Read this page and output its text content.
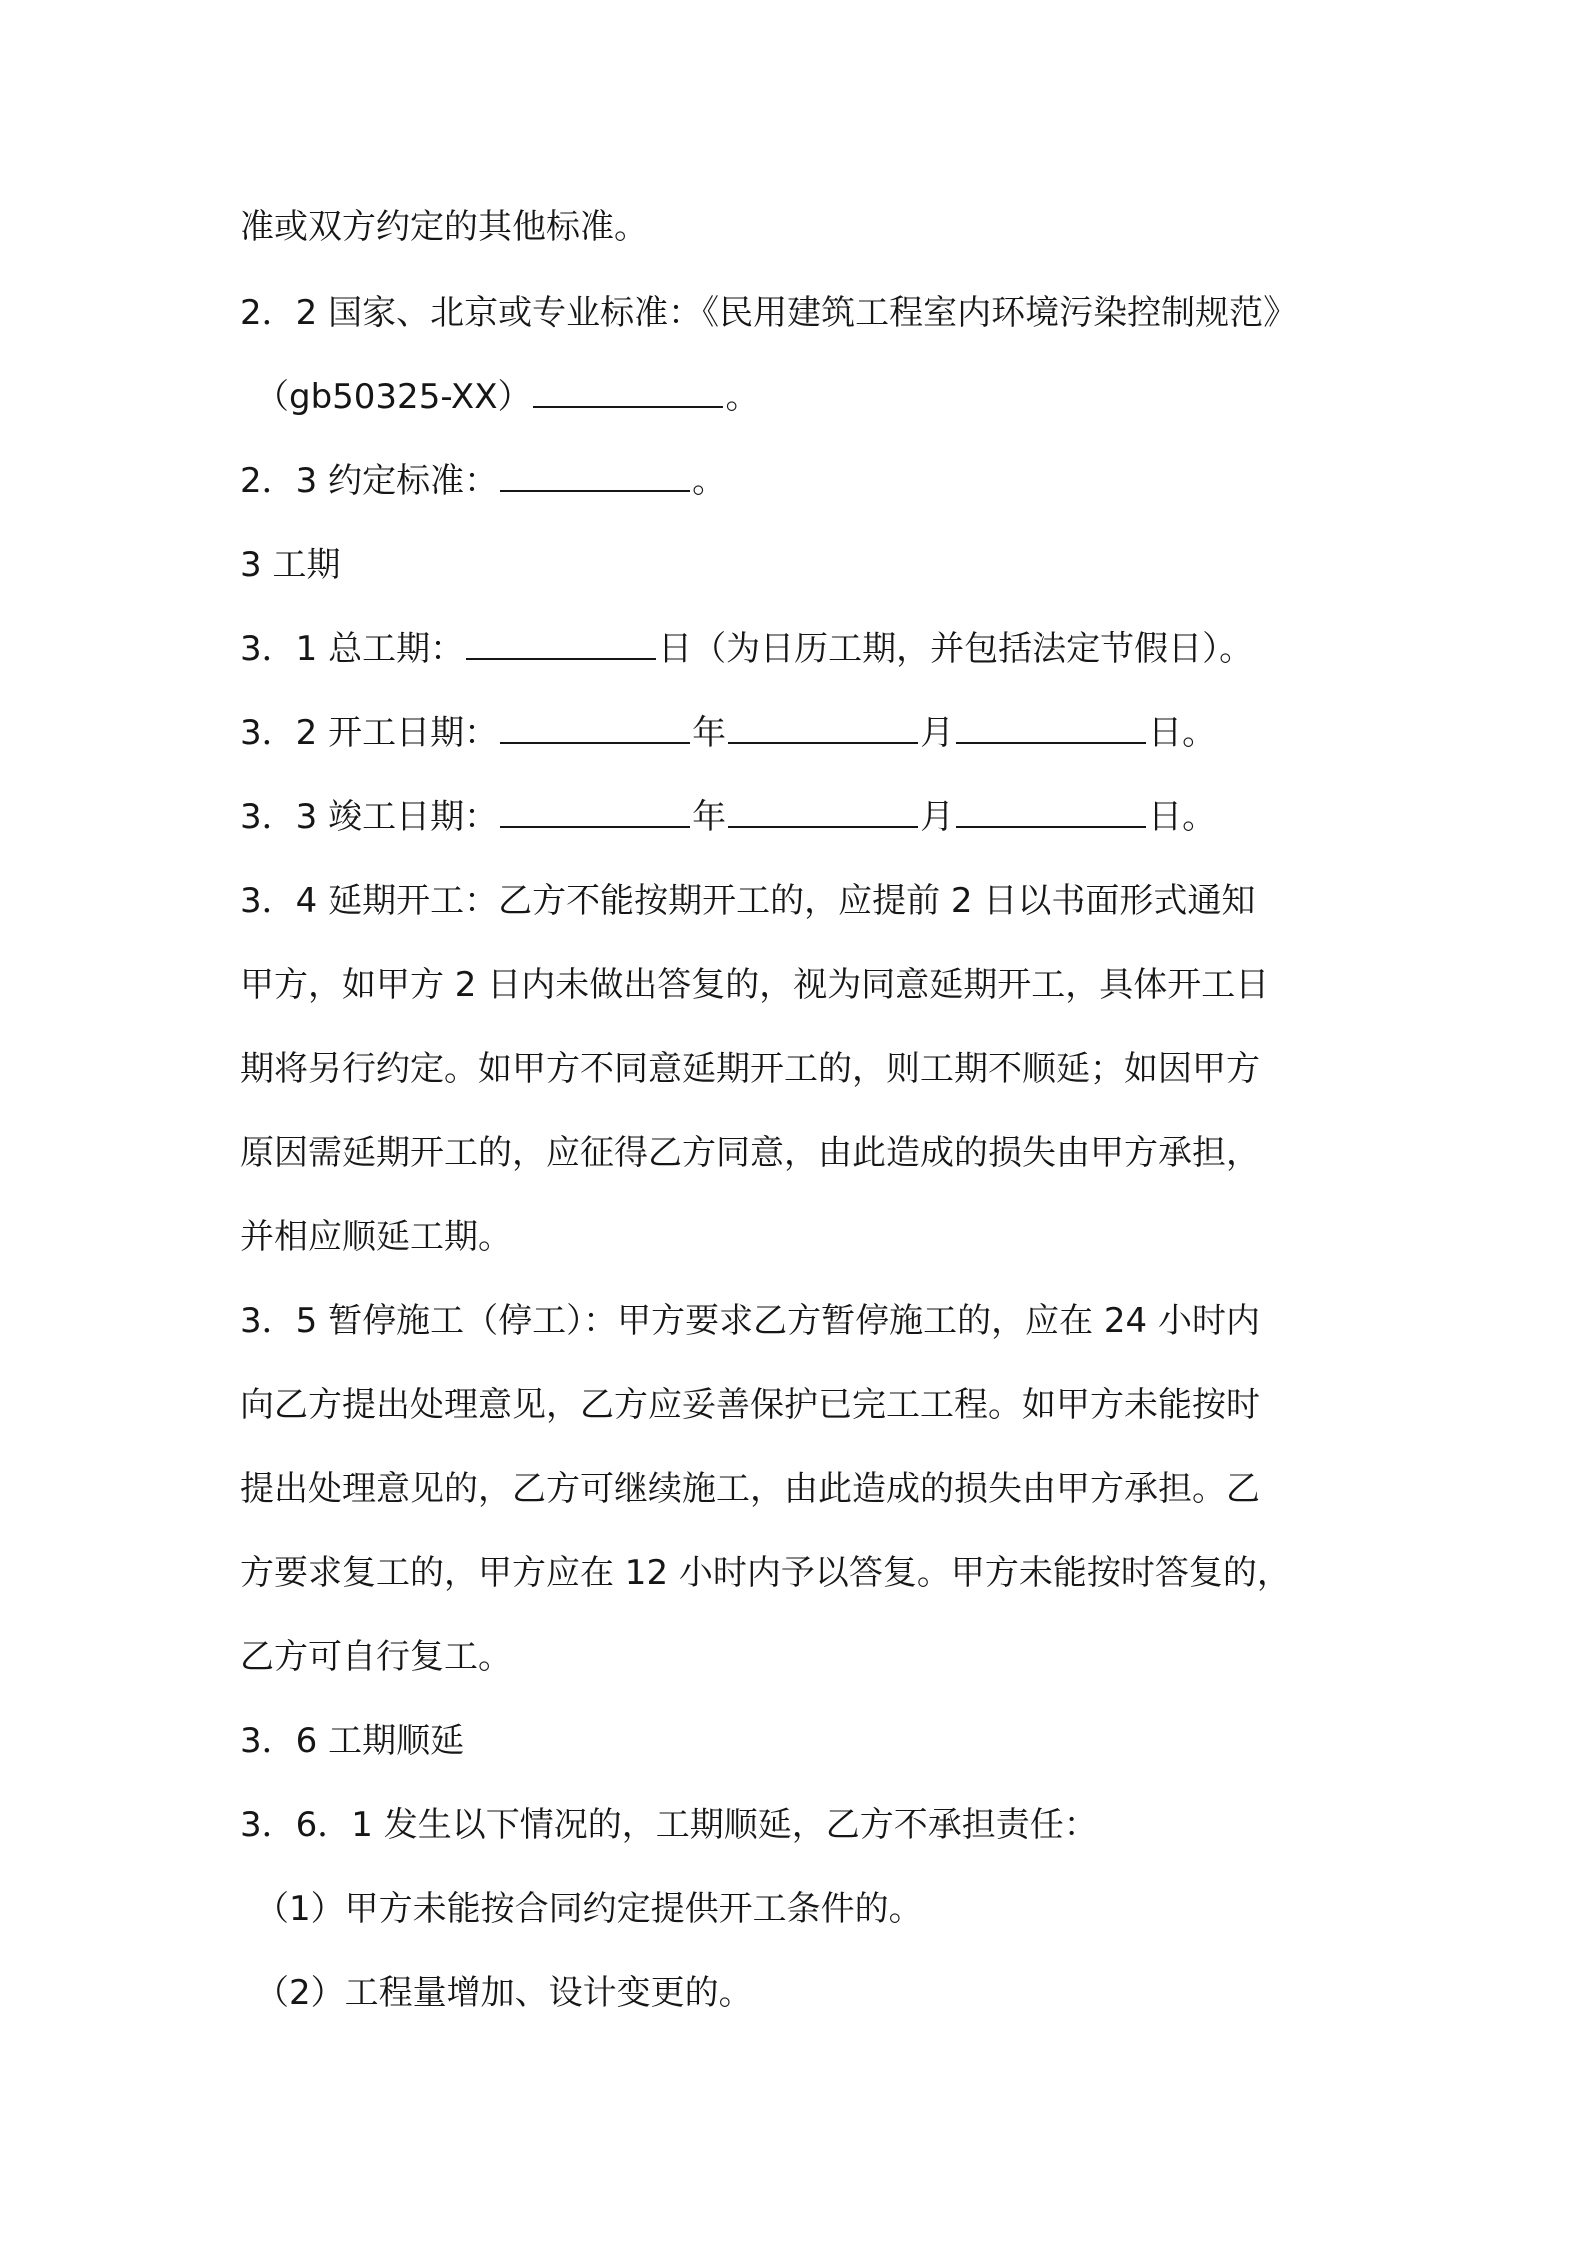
准或双方约定的其他标准。
2．2 国家、北京或专业标准：《民用建筑工程室内环境污染控制规范》
（gb50325-XX）	。
2．3 约定标准：	。
3 工期
3．1 总工期：	日（为日历工期，并包括法定节假日）。
3．2 开工日期：	年	月	日。
3．3 竣工日期：	年	月	日。
3．4 延期开工：乙方不能按期开工的，应提前 2 日以书面形式通知
甲方，如甲方 2 日内未做出答复的，视为同意延期开工，具体开工日
期将另行约定。如甲方不同意延期开工的，则工期不顺延；如因甲方
原因需延期开工的，应征得乙方同意，由此造成的损失由甲方承担，
并相应顺延工期。
3．5 暂停施工（停工）：甲方要求乙方暂停施工的，应在 24 小时内
向乙方提出处理意见，乙方应妥善保护已完工工程。如甲方未能按时
提出处理意见的，乙方可继续施工，由此造成的损失由甲方承担。乙
方要求复工的，甲方应在 12 小时内予以答复。甲方未能按时答复的，
乙方可自行复工。
3．6 工期顺延
3．6．1 发生以下情况的，工期顺延，乙方不承担责任：
（1）甲方未能按合同约定提供开工条件的。
（2）工程量增加、设计变更的。
